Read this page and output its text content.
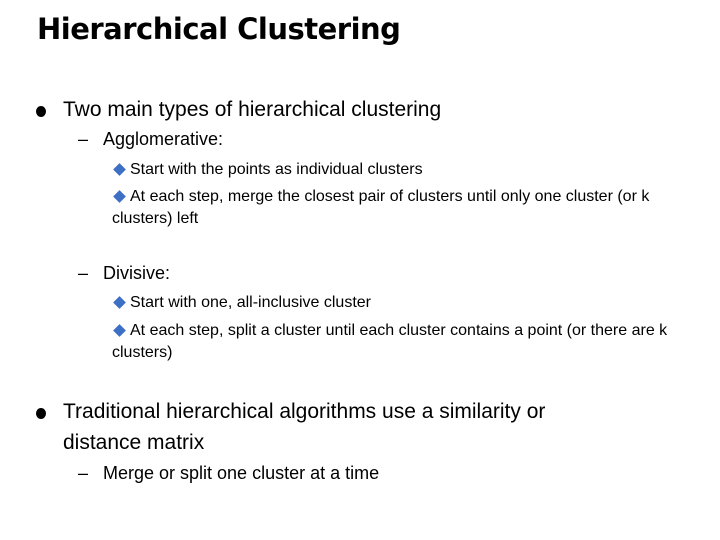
Hierarchical Clustering
Two main types of hierarchical clustering
– Agglomerative:
Start with the points as individual clusters
At each step, merge the closest pair of clusters until only one cluster (or k clusters) left
– Divisive:
Start with one, all-inclusive cluster
At each step, split a cluster until each cluster contains a point (or there are k clusters)
Traditional hierarchical algorithms use a similarity or distance matrix
– Merge or split one cluster at a time
